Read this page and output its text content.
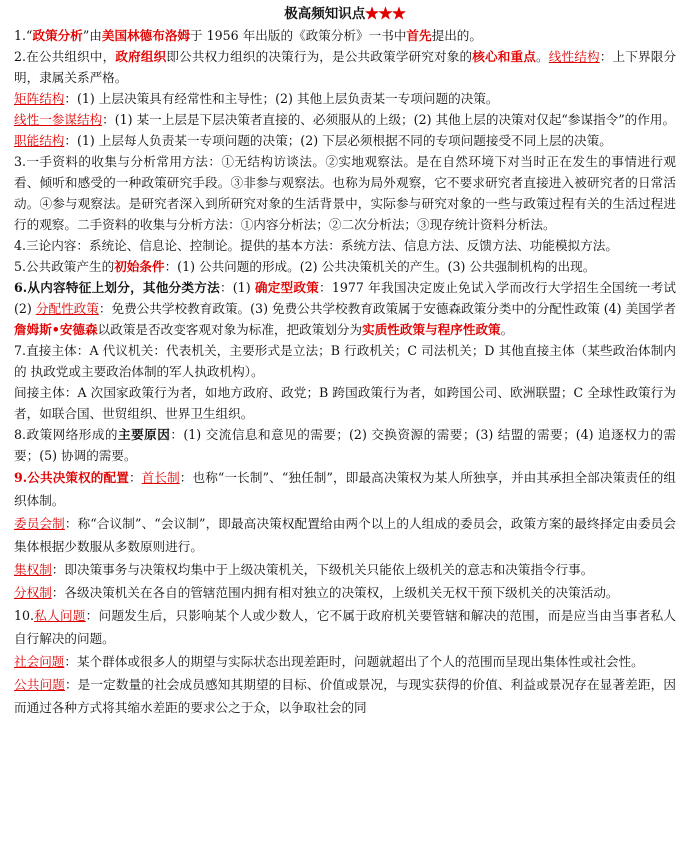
极高频知识点★★★

1.“政策分析”由美国林德布洛姆于 1956 年出版的《政策分析》一书中首先提出的。

2.在公共组织中，政府组织即公共权力组织的决策行为，是公共政策学研究对象的核心和重点。线性结构：上下界限分明，隶属关系严格。

矩阵结构：(1) 上层决策具有经常性和主导性；(2) 其他上层负责某一专项问题的决策。

线性一参谋结构：(1) 某一上层是下层决策者直接的、必须服从的上级；(2) 其他上层的决策对仅起“参谋指令”的作用。

职能结构：(1) 上层每人负责某一专项问题的决策；(2) 下层必须根据不同的专项问题接受不同上层的决策。

3.一手资料的收集与分析常用方法：①无结构访谈法。②实地观察法。是在自然环境下对当时正在发生的事情进行观看、倾听和感受的一种政策研究手段。③非参与观察法。也称为局外观察，它不要求研究者直接进入被研究者的日常活动。④参与观察法。是研究者深入到所研究对象的生活背景中，实际参与研究对象的一些与政策过程有关的生活过程进行的观察。二手资料的收集与分析方法：①内容分析法；②二次分析法；③现存统计资料分析法。

4.三论内容：系统论、信息论、控制论。提供的基本方法：系统方法、信息方法、反馈方法、功能模拟方法。

5.公共政策产生的初始条件：(1) 公共问题的形成。(2) 公共决策机关的产生。(3) 公共强制机构的出现。

6.从内容特征上划分，其他分类方法：(1) 确定型政策：1977 年我国决定废止免试入学而改行大学招生全国统一考试 (2) 分配性政策：免费公共学校教育政策。(3) 免费公共学校教育政策属于安德森政策分类中的分配性政策 (4) 美国学者詹姆斯•安德森以政策是否改变客观对象为标准，把政策划分为实质性政策与程序性政策。

7.直接主体：A 代议机关：代表机关，主要形式是立法；B 行政机关；C 司法机关；D 其他直接主体（某些政治体制内的 执政党或主要政治体制的军人执政机构）。

间接主体：A 次国家政策行为者，如地方政府、政党；B 跨国政策行为者，如跨国公司、欧洲联盟；C 全球性政策行为者，如联合国、世贸组织、世界卫生组织。

8.政策网络形成的主要原因：(1) 交流信息和意见的需要；(2) 交换资源的需要；(3) 结盟的需要；(4) 追逐权力的需要；(5) 协调的需要。

9.公共决策权的配置：首长制：也称“一长制”、“独任制”，即最高决策权为某人所独享，并由其承担全部决策责任的组织体制。

委员会制：称“合议制”、“会议制”，即最高决策权配置给由两个以上的人组成的委员会，政策方案的最终择定由委员会集体根据少数服从多数原则进行。

集权制：即决策事务与决策权均集中于上级决策机关，下级机关只能依上级机关的意志和决策指令行事。

分权制：各级决策机关在各自的管辖范围内拥有相对独立的决策权，上级机关无权干预下级机关的决策活动。

10.私人问题：问题发生后，只影响某个人或少数人，它不属于政府机关要管辖和解决的范围，而是应当由当事者私人自行解决的问题。

社会问题：某个群体或很多人的期望与实际状态出现差距时，问题就超出了个人的范围而呈现出集体性或社会性。

公共问题：是一定数量的社会成员感知其期望的目标、价值或景况，与现实获得的价值、利益或景况存在显著差距，因而通过各种方式将其缩水差距的要求公之于众，以争取社会的同
